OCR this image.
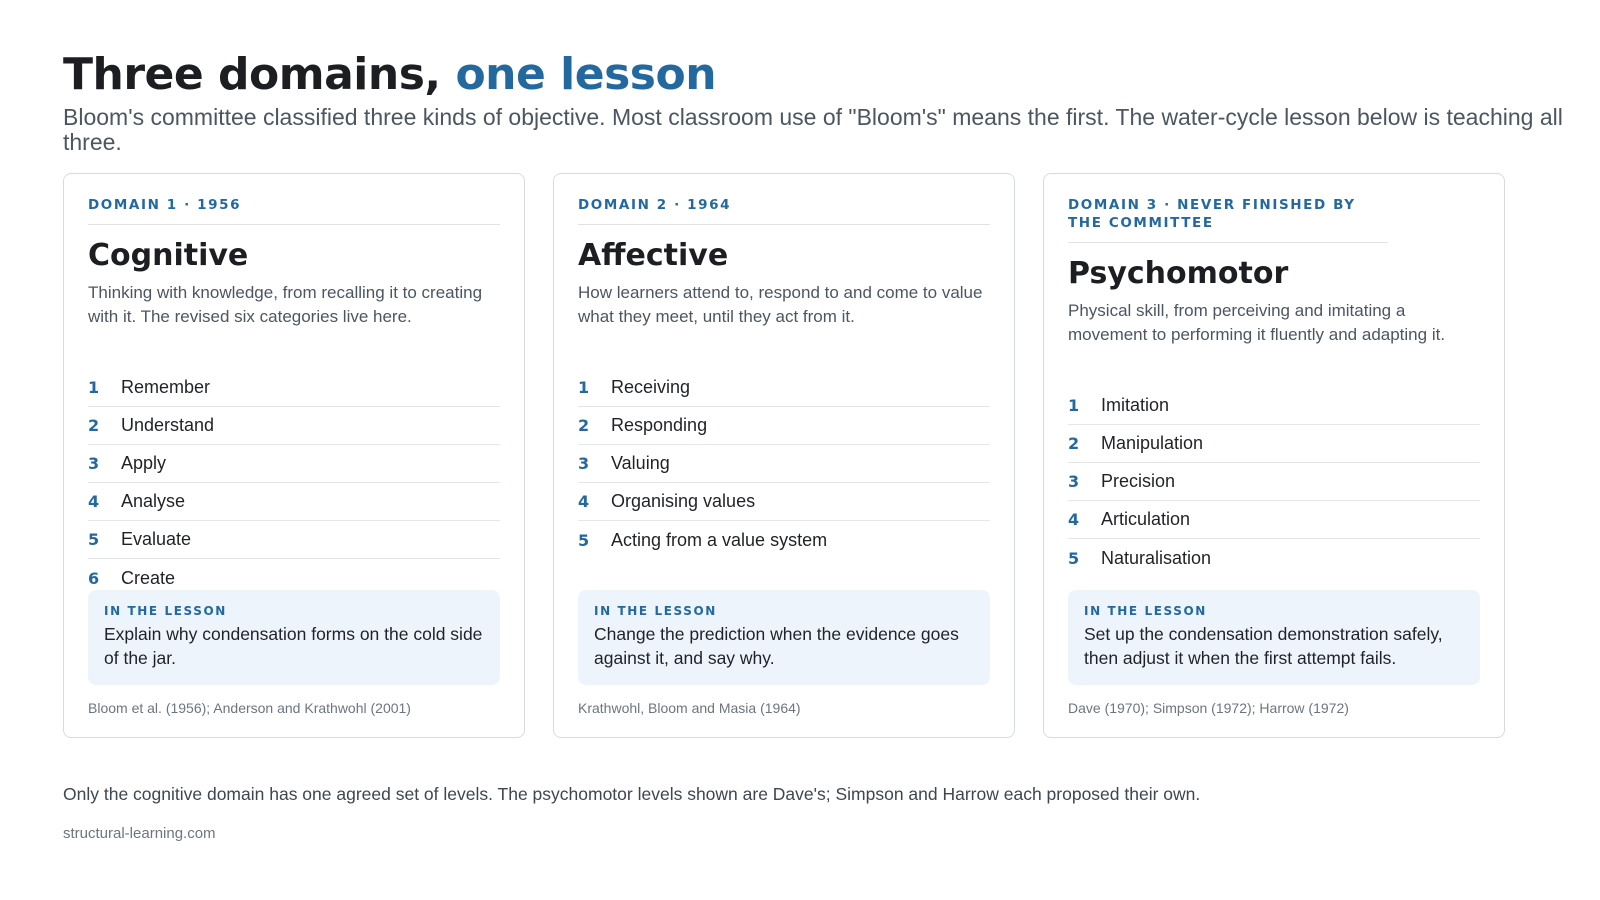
Three domains, one lesson

Bloom's committee classified three kinds of objective. Most classroom use of "Bloom's" means the first. The water-cycle lesson below is teaching all three.

DOMAIN 1 · 1956
Cognitive

Thinking with knowledge, from recalling it to creating with it. The revised six categories live here.

1	Remember
2	Understand
3	Apply
4	Analyse
5	Evaluate
6	Create
IN THE LESSON
Explain why condensation forms on the cold side of the jar.
Bloom et al. (1956); Anderson and Krathwohl (2001)
DOMAIN 2 · 1964
Affective

How learners attend to, respond to and come to value what they meet, until they act from it.

1	Receiving
2	Responding
3	Valuing
4	Organising values
5	Acting from a value system
IN THE LESSON
Change the prediction when the evidence goes against it, and say why.
Krathwohl, Bloom and Masia (1964)
DOMAIN 3 · NEVER FINISHED BY THE COMMITTEE
Psychomotor

Physical skill, from perceiving and imitating a movement to performing it fluently and adapting it.

1	Imitation
2	Manipulation
3	Precision
4	Articulation
5	Naturalisation
IN THE LESSON
Set up the condensation demonstration safely, then adjust it when the first attempt fails.
Dave (1970); Simpson (1972); Harrow (1972)

Only the cognitive domain has one agreed set of levels. The psychomotor levels shown are Dave's; Simpson and Harrow each proposed their own.

structural-learning.com
